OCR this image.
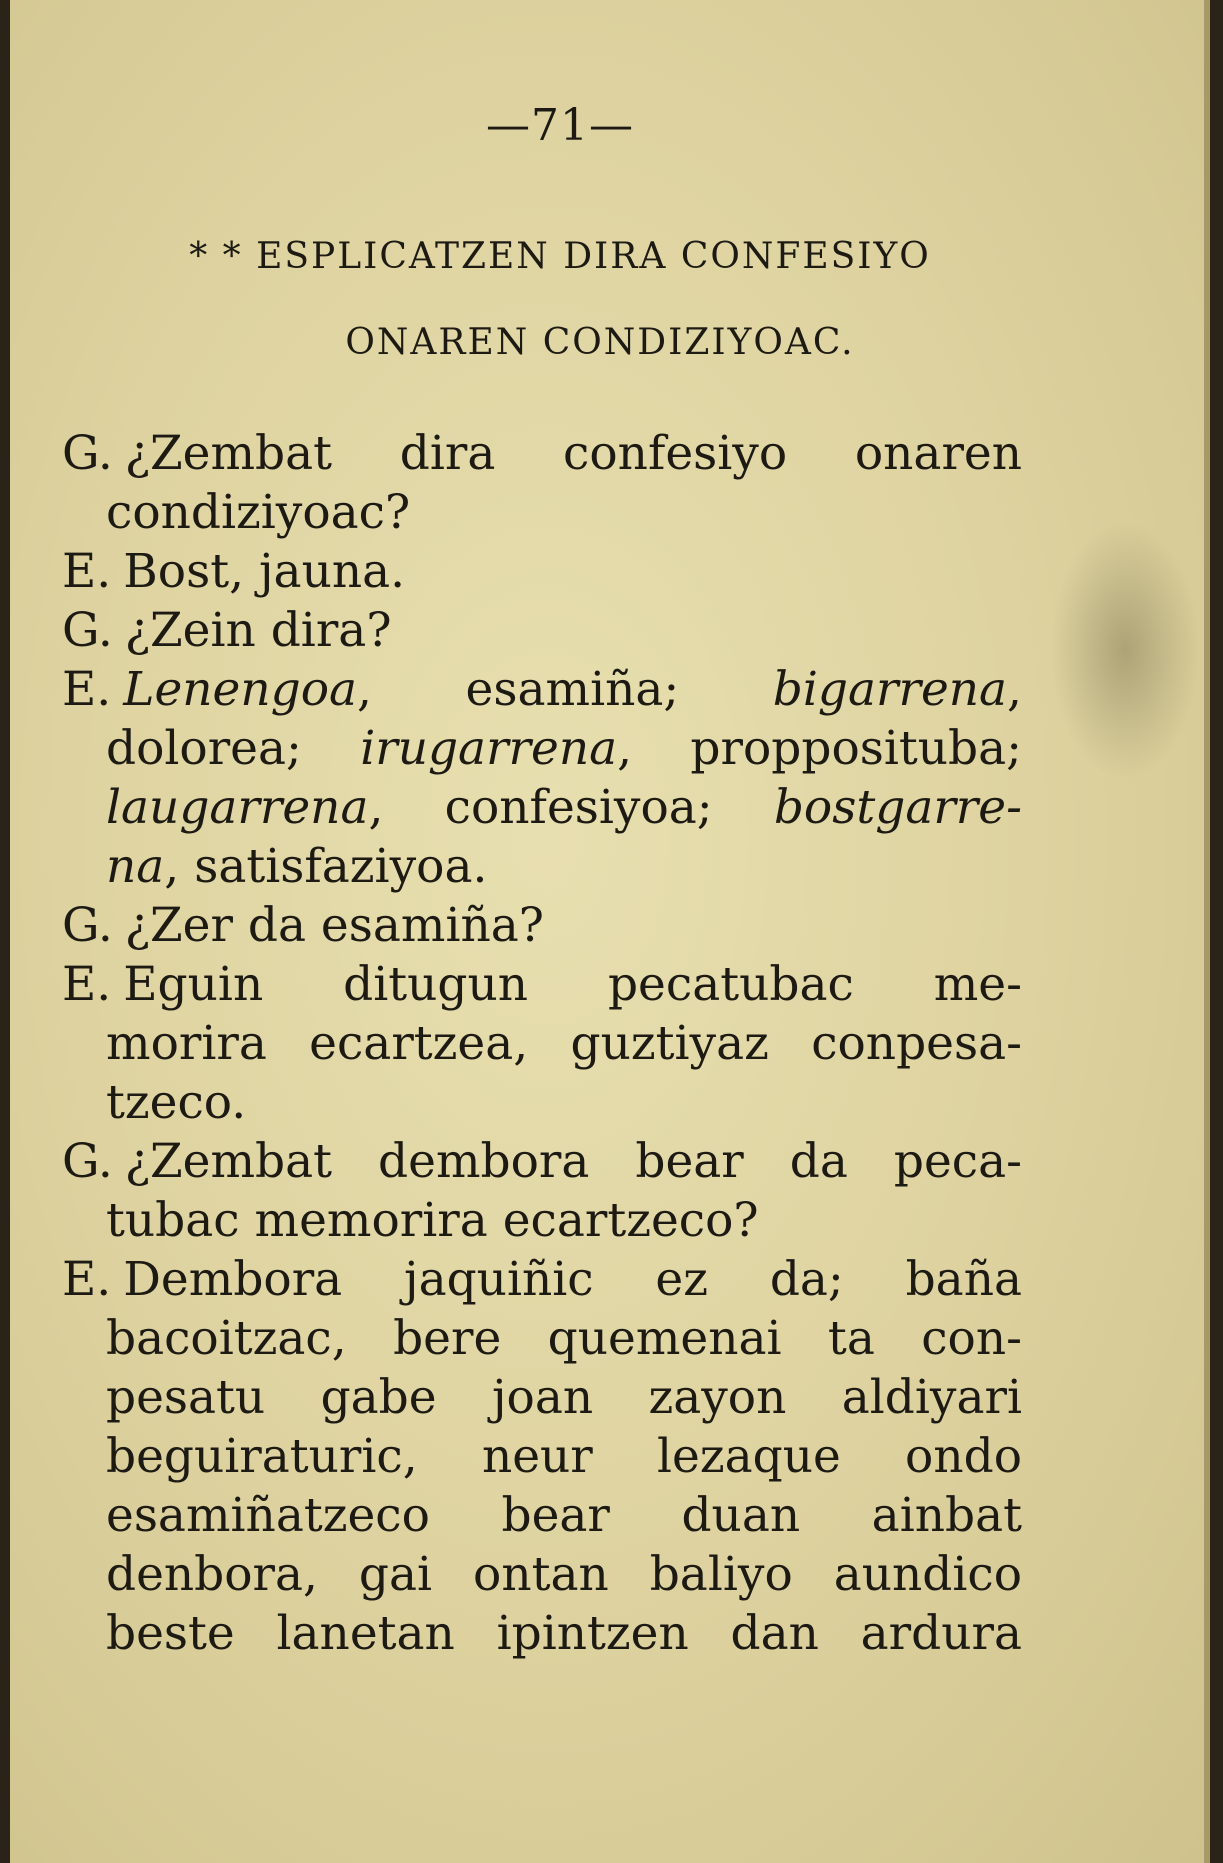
—71—
* * ESPLICATZEN DIRA CONFESIYO
ONAREN CONDIZIYOAC.
G. ¿Zembat dira confesiyo onaren
condiziyoac?
E. Bost, jauna.
G. ¿Zein dira?
E. Lenengoa, esamiña; bigarrena,
dolorea; irugarrena, propposituba;
laugarrena, confesiyoa; bostgarre-
na, satisfaziyoa.
G. ¿Zer da esamiña?
E. Eguin ditugun pecatubac me-
morira ecartzea, guztiyaz conpesa-
tzeco.
G. ¿Zembat dembora bear da peca-
tubac memorira ecartzeco?
E. Dembora jaquiñic ez da; baña
bacoitzac, bere quemenai ta con-
pesatu gabe joan zayon aldiyari
beguiraturic, neur lezaque ondo
esamiñatzeco bear duan ainbat
denbora, gai ontan baliyo aundico
beste lanetan ipintzen dan ardura
